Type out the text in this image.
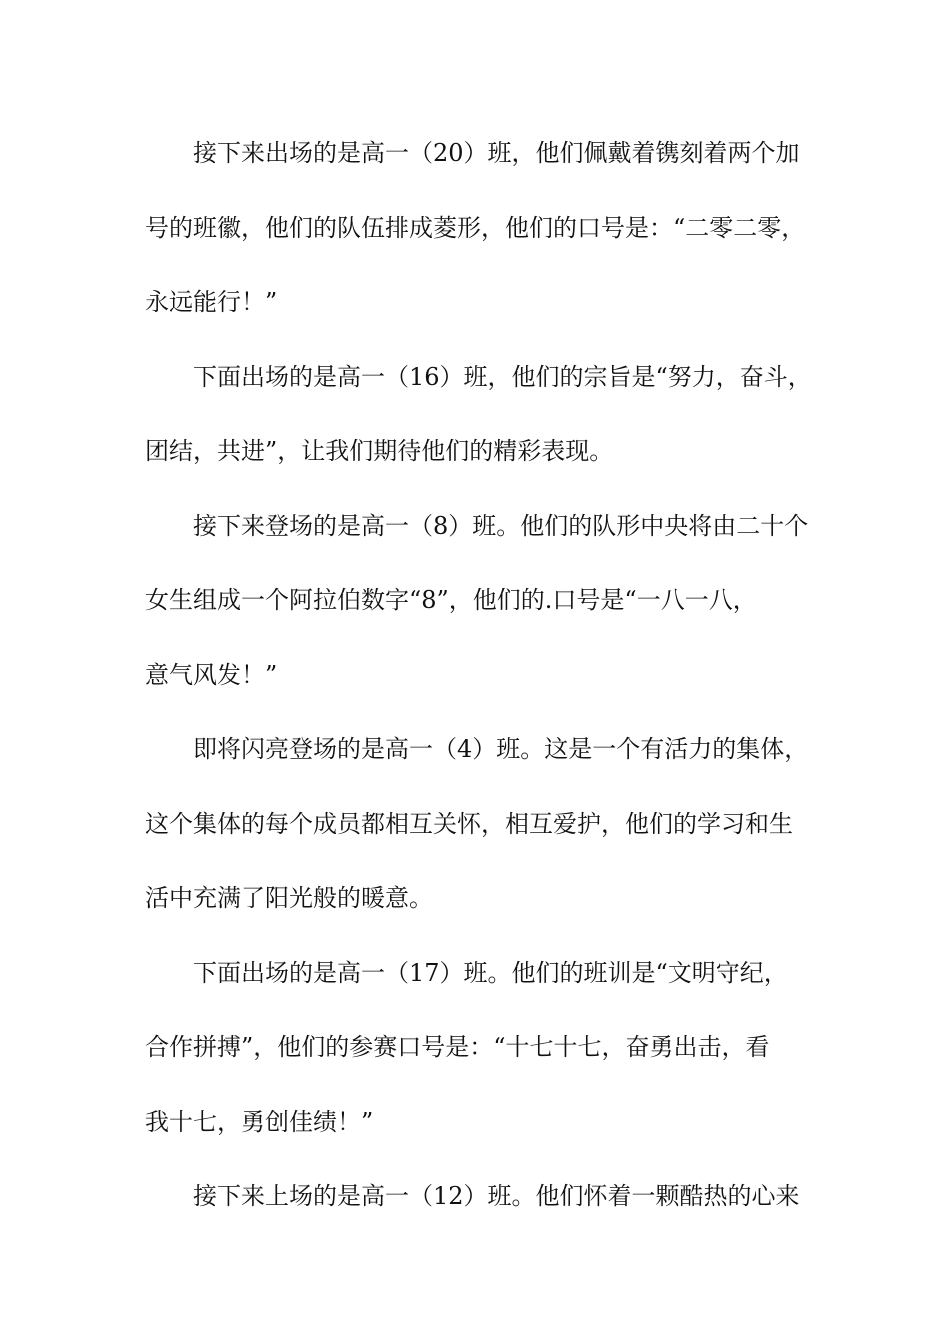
接下来出场的是高一（20）班，他们佩戴着镌刻着两个加
号的班徽，他们的队伍排成菱形，他们的口号是：“二零二零，
永远能行！”

下面出场的是高一（16）班，他们的宗旨是“努力，奋斗，
团结，共进”，让我们期待他们的精彩表现。

接下来登场的是高一（8）班。他们的队形中央将由二十个
女生组成一个阿拉伯数字“8”，他们的.口号是“一八一八，
意气风发！”

即将闪亮登场的是高一（4）班。这是一个有活力的集体，
这个集体的每个成员都相互关怀，相互爱护，他们的学习和生
活中充满了阳光般的暖意。

下面出场的是高一（17）班。他们的班训是“文明守纪，
合作拼搏”，他们的参赛口号是：“十七十七，奋勇出击，看
我十七，勇创佳绩！”

接下来上场的是高一（12）班。他们怀着一颗酷热的心来
